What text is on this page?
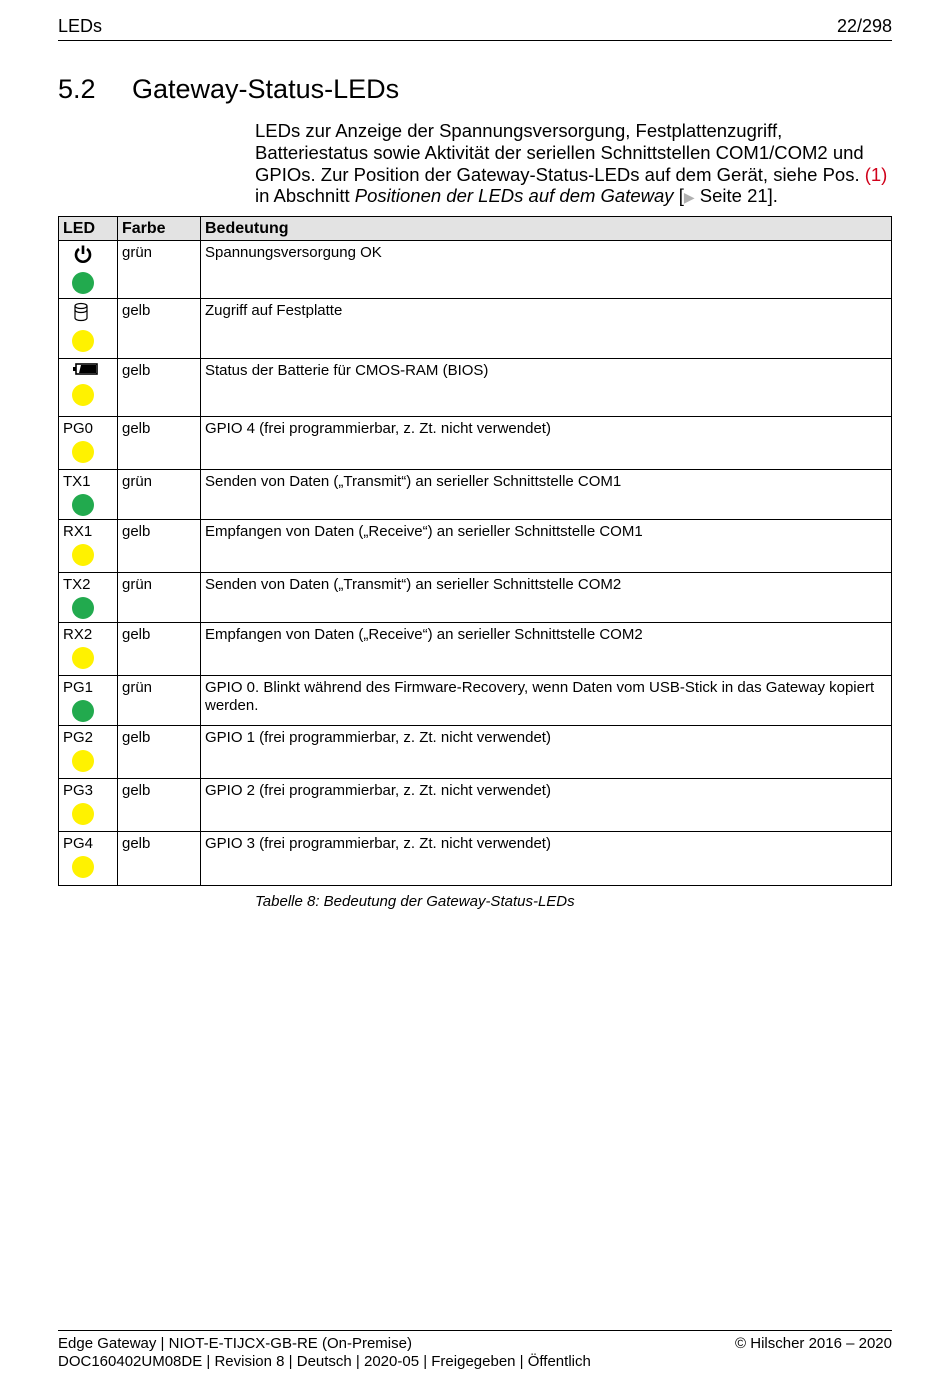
LEDs	22/298
5.2 Gateway-Status-LEDs
LEDs zur Anzeige der Spannungsversorgung, Festplattenzugriff, Batteriestatus sowie Aktivität der seriellen Schnittstellen COM1/COM2 und GPIOs. Zur Position der Gateway-Status-LEDs auf dem Gerät, siehe Pos. (1) in Abschnitt Positionen der LEDs auf dem Gateway [▶ Seite 21].
LED	Farbe	Bedeutung

	grün	Spannungsversorgung OK

	gelb	Zugriff auf Festplatte

	gelb	Status der Batterie für CMOS-RAM (BIOS)

PG0	gelb	GPIO 4 (frei programmierbar, z. Zt. nicht verwendet)

TX1	grün	Senden von Daten („Transmit“) an serieller Schnittstelle COM1

RX1	gelb	Empfangen von Daten („Receive“) an serieller Schnittstelle COM1

TX2	grün	Senden von Daten („Transmit“) an serieller Schnittstelle COM2

RX2	gelb	Empfangen von Daten („Receive“) an serieller Schnittstelle COM2

PG1	grün	GPIO 0. Blinkt während des Firmware-Recovery, wenn Daten vom USB-Stick in das Gateway kopiert werden.

PG2	gelb	GPIO 1 (frei programmierbar, z. Zt. nicht verwendet)

PG3	gelb	GPIO 2 (frei programmierbar, z. Zt. nicht verwendet)

PG4	gelb	GPIO 3 (frei programmierbar, z. Zt. nicht verwendet)
Tabelle 8: Bedeutung der Gateway-Status-LEDs
Edge Gateway | NIOT-E-TIJCX-GB-RE (On-Premise)
DOC160402UM08DE | Revision 8 | Deutsch | 2020-05 | Freigegeben | Öffentlich
© Hilscher 2016 – 2020
